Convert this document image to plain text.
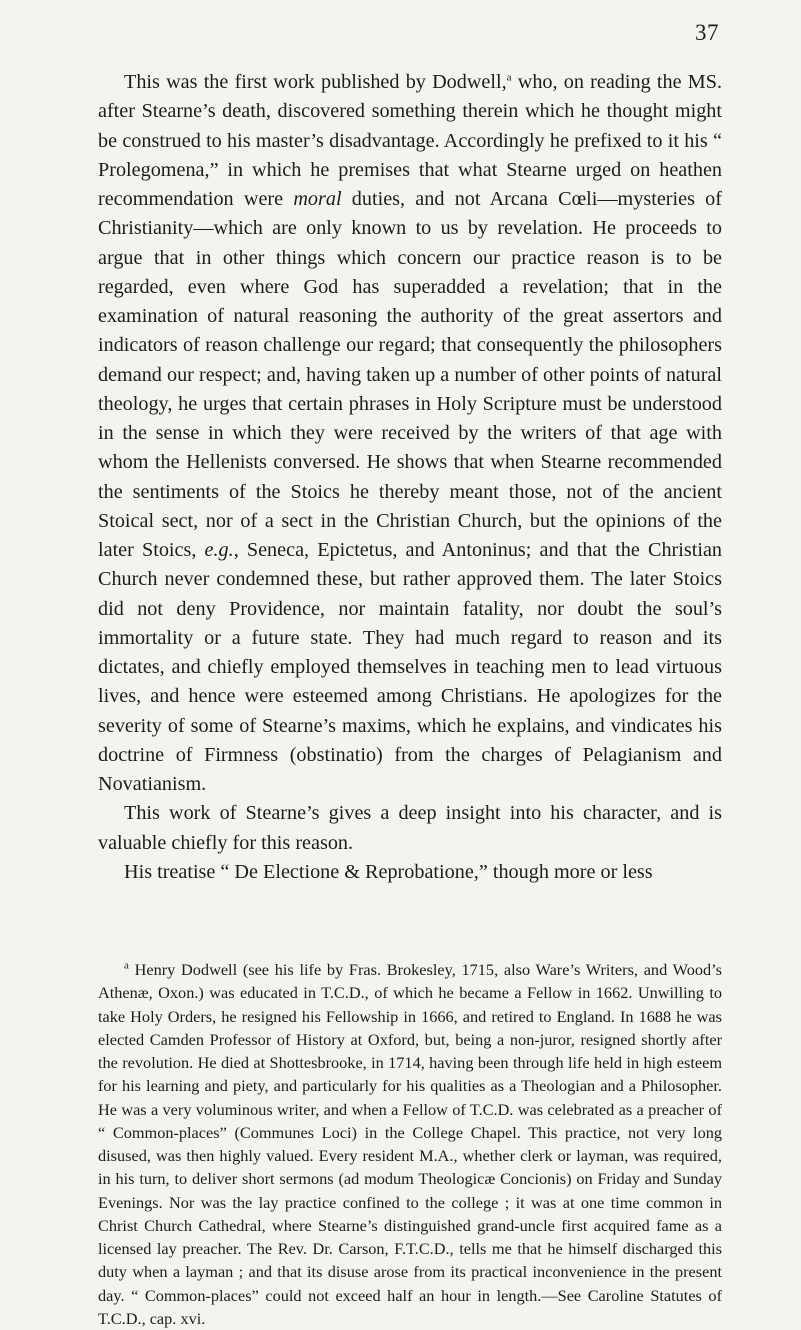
37

This was the first work published by Dodwell,$^a$ who, on reading the MS. after Stearne’s death, discovered something therein which he thought might be construed to his master’s disadvantage. Accordingly he prefixed to it his “ Prolegomena,” in which he premises that what Stearne urged on heathen recommendation were moral duties, and not Arcana Cœli—mysteries of Christianity—which are only known to us by revelation. He proceeds to argue that in other things which concern our practice reason is to be regarded, even where God has superadded a revelation; that in the examination of natural reasoning the authority of the great assertors and indicators of reason challenge our regard; that consequently the philosophers demand our respect; and, having taken up a number of other points of natural theology, he urges that certain phrases in Holy Scripture must be understood in the sense in which they were received by the writers of that age with whom the Hellenists conversed. He shows that when Stearne recommended the sentiments of the Stoics he thereby meant those, not of the ancient Stoical sect, nor of a sect in the Christian Church, but the opinions of the later Stoics, e.g., Seneca, Epictetus, and Antoninus; and that the Christian Church never condemned these, but rather approved them. The later Stoics did not deny Providence, nor maintain fatality, nor doubt the soul’s immortality or a future state. They had much regard to reason and its dictates, and chiefly employed themselves in teaching men to lead virtuous lives, and hence were esteemed among Christians. He apologizes for the severity of some of Stearne’s maxims, which he explains, and vindicates his doctrine of Firmness (obstinatio) from the charges of Pelagianism and Novatianism.

This work of Stearne’s gives a deep insight into his character, and is valuable chiefly for this reason.

His treatise “ De Electione & Reprobatione,” though more or less

$^a$ Henry Dodwell (see his life by Fras. Brokesley, 1715, also Ware’s Writers, and Wood’s Athenæ, Oxon.) was educated in T.C.D., of which he became a Fellow in 1662. Unwilling to take Holy Orders, he resigned his Fellowship in 1666, and retired to England. In 1688 he was elected Camden Professor of History at Oxford, but, being a non-juror, resigned shortly after the revolution. He died at Shottesbrooke, in 1714, having been through life held in high esteem for his learning and piety, and particularly for his qualities as a Theologian and a Philosopher. He was a very voluminous writer, and when a Fellow of T.C.D. was celebrated as a preacher of “ Common-places” (Communes Loci) in the College Chapel. This practice, not very long disused, was then highly valued. Every resident M.A., whether clerk or layman, was required, in his turn, to deliver short sermons (ad modum Theologicæ Concionis) on Friday and Sunday Evenings. Nor was the lay practice confined to the college ; it was at one time common in Christ Church Cathedral, where Stearne’s distinguished grand-uncle first acquired fame as a licensed lay preacher. The Rev. Dr. Carson, F.T.C.D., tells me that he himself discharged this duty when a layman ; and that its disuse arose from its practical inconvenience in the present day. “ Common-places” could not exceed half an hour in length.—See Caroline Statutes of T.C.D., cap. xvi.
